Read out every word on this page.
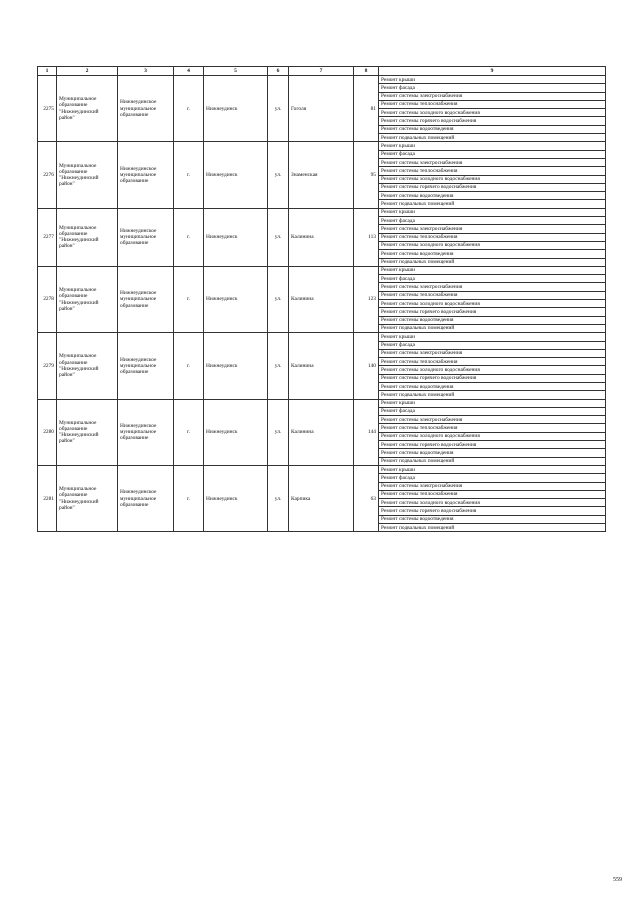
1	2	3	4	5	6	7	8	9
2275	Муниципальное образование "Нижнеудинский район"	Нижнеудинское муниципальное образование	г.	Нижнеудинск	ул.	Гоголя	81	Ремонт крыши
								Ремонт фасада
								Ремонт системы электроснабжения
								Ремонт системы теплоснабжения
								Ремонт системы холодного водоснабжения
								Ремонт системы горячего водоснабжения
								Ремонт системы водоотведения
								Ремонт подвальных помещений
2276	Муниципальное образование "Нижнеудинский район"	Нижнеудинское муниципальное образование	г.	Нижнеудинск	ул.	Знаменская	95	Ремонт крыши
								Ремонт фасада
								Ремонт системы электроснабжения
								Ремонт системы теплоснабжения
								Ремонт системы холодного водоснабжения
								Ремонт системы горячего водоснабжения
								Ремонт системы водоотведения
								Ремонт подвальных помещений
2277	Муниципальное образование "Нижнеудинский район"	Нижнеудинское муниципальное образование	г.	Нижнеудинск	ул.	Калинина	113	Ремонт крыши
								Ремонт фасада
								Ремонт системы электроснабжения
								Ремонт системы теплоснабжения
								Ремонт системы холодного водоснабжения
								Ремонт системы водоотведения
								Ремонт подвальных помещений
2278	Муниципальное образование "Нижнеудинский район"	Нижнеудинское муниципальное образование	г.	Нижнеудинск	ул.	Калинина	123	Ремонт крыши
								Ремонт фасада
								Ремонт системы электроснабжения
								Ремонт системы теплоснабжения
								Ремонт системы холодного водоснабжения
								Ремонт системы горячего водоснабжения
								Ремонт системы водоотведения
								Ремонт подвальных помещений
2279	Муниципальное образование "Нижнеудинский район"	Нижнеудинское муниципальное образование	г.	Нижнеудинск	ул.	Калинина	140	Ремонт крыши
								Ремонт фасада
								Ремонт системы электроснабжения
								Ремонт системы теплоснабжения
								Ремонт системы холодного водоснабжения
								Ремонт системы горячего водоснабжения
								Ремонт системы водоотведения
								Ремонт подвальных помещений
2280	Муниципальное образование "Нижнеудинский район"	Нижнеудинское муниципальное образование	г.	Нижнеудинск	ул.	Калинина	144	Ремонт крыши
								Ремонт фасада
								Ремонт системы электроснабжения
								Ремонт системы теплоснабжения
								Ремонт системы холодного водоснабжения
								Ремонт системы горячего водоснабжения
								Ремонт системы водоотведения
								Ремонт подвальных помещений
2281	Муниципальное образование "Нижнеудинский район"	Нижнеудинское муниципальное образование	г.	Нижнеудинск	ул.	Карпика	63	Ремонт крыши
								Ремонт фасада
								Ремонт системы электроснабжения
								Ремонт системы теплоснабжения
								Ремонт системы холодного водоснабжения
								Ремонт системы горячего водоснабжения
								Ремонт системы водоотведения
								Ремонт подвальных помещений
559
